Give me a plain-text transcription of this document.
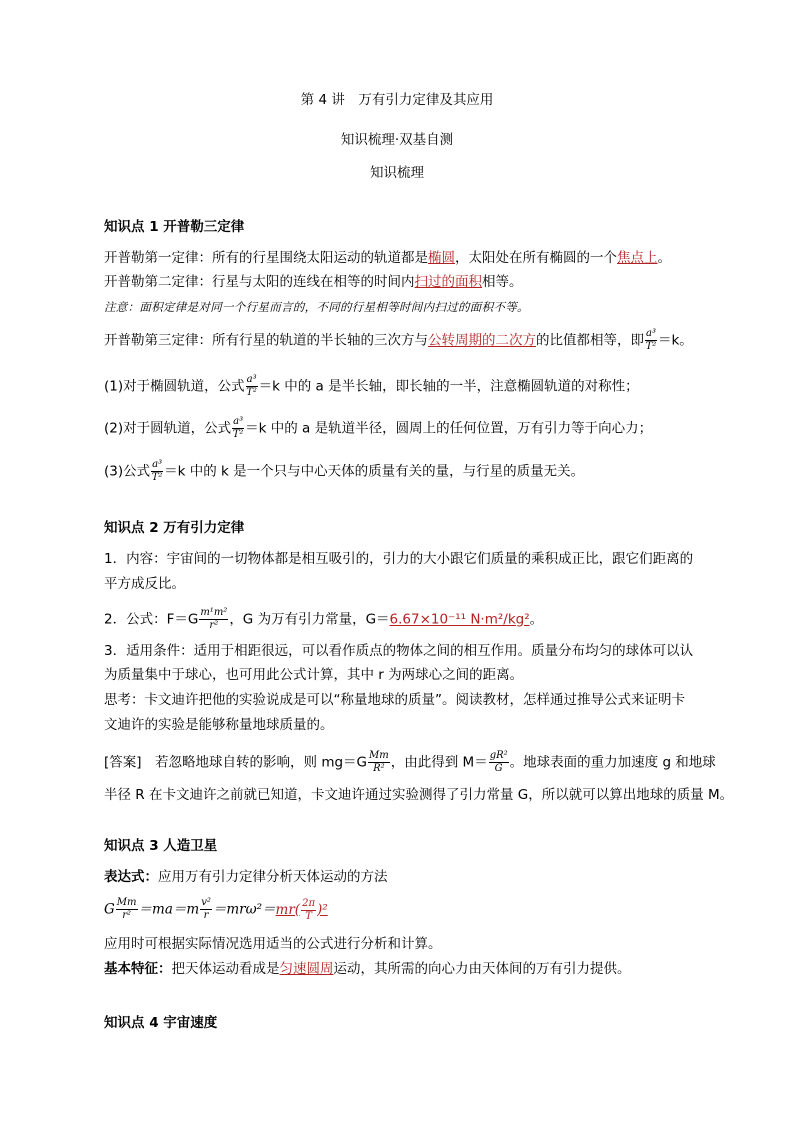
第 4 讲　万有引力定律及其应用
知识梳理·双基自测
知识梳理
知识点 1 开普勒三定律
开普勒第一定律：所有的行星围绕太阳运动的轨道都是椭圆，太阳处在所有椭圆的一个焦点上。
开普勒第二定律：行星与太阳的连线在相等的时间内扫过的面积相等。
注意：面积定律是对同一个行星而言的，不同的行星相等时间内扫过的面积不等。
开普勒第三定律：所有行星的轨道的半长轴的三次方与公转周期的二次方的比值都相等，即 $\frac{\text{a³}}{\text{T²}} =k$。
(1)对于椭圆轨道，公式 $\frac{\text{a³}}{\text{T²}} =k$ 中的 a 是半长轴，即长轴的一半，注意椭圆轨道的对称性；
(2)对于圆轨道，公式 $\frac{\text{a³}}{\text{T²}} =k$ 中的 a 是轨道半径，圆周上的任何位置，万有引力等于向心力；
(3)公式 $\frac{\text{a³}}{\text{T²}} =k$ 中的 k 是一个只与中心天体的质量有关的量，与行星的质量无关。
知识点 2 万有引力定律
1．内容：宇宙间的一切物体都是相互吸引的，引力的大小跟它们质量的乘积成正比，跟它们距离的
平方成反比。
2．公式：$F=G \frac{\text{m¹m²}}{\text{r²}}$ ，G 为万有引力常量，G＝6.67×10⁻¹¹ N·m²/kg²。
3．适用条件：适用于相距很远，可以看作质点的物体之间的相互作用。质量分布均匀的球体可以认
为质量集中于球心，也可用此公式计算，其中 r 为两球心之间的距离。
思考：卡文迪许把他的实验说成是可以“称量地球的质量”。阅读教材，怎样通过推导公式来证明卡
文迪许的实验是能够称量地球质量的。
[答案]　若忽略地球自转的影响，则 $mg=G \frac{Mm}{\text{R²}}$ ，由此得到 $M= \frac{\text{gR²}}{G}$ 。地球表面的重力加速度 g 和地球
半径 R 在卡文迪许之前就已知道，卡文迪许通过实验测得了引力常量 G，所以就可以算出地球的质量 M。
知识点 3 人造卫星
表达式：应用万有引力定律分析天体运动的方法
G $\frac{Mm}{\text{r²}} =ma=m \frac{\text{v²}}{r} =mr\omega^2=mr( \frac{2\pi}{T} )^2$
应用时可根据实际情况选用适当的公式进行分析和计算。
基本特征：把天体运动看成是匀速圆周运动，其所需的向心力由天体间的万有引力提供。
知识点 4 宇宙速度
